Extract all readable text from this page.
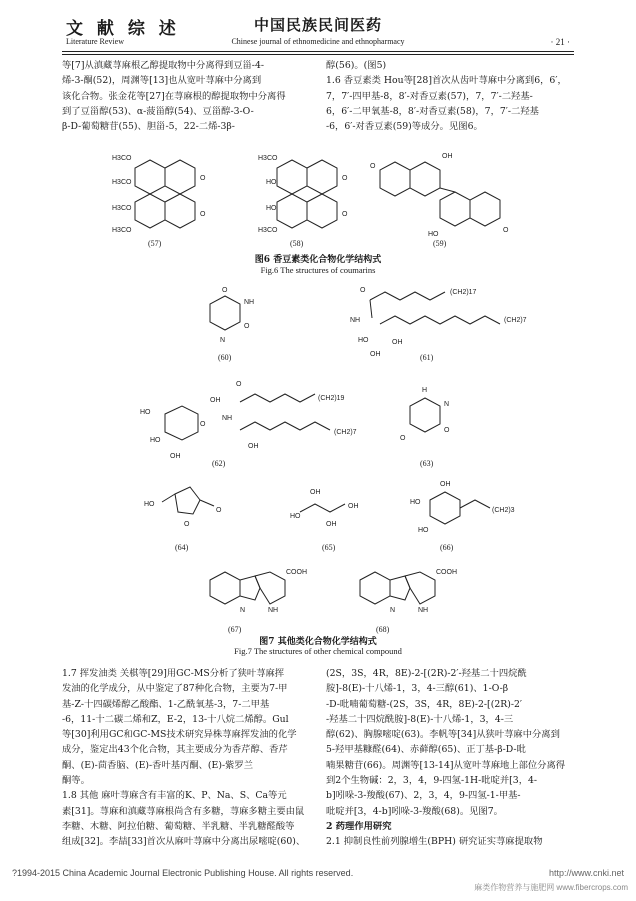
文 献 综 述
Literature Review
中国民族民间医药
Chinese journal of ethnomedicine and ethnopharmacy	· 21 ·

等[7]从滇藏荨麻根乙醇提取物中分离得到豆甾-4-

烯-3-酮(52)，周渊等[13]也从宽叶荨麻中分离到

该化合物。张金花等[27]在荨麻根的醇提取物中分离得

到了豆甾醇(53)、α-菠甾醇(54)、豆甾醇-3-O-

β-D-葡萄糖苷(55)、胆甾-5，22-二烯-3β-

醇(56)。(图5)

1.6 香豆素类 Hou等[28]首次从齿叶荨麻中分离到6，6′，

7，7′-四甲基-8，8′-对香豆素(57)，7，7′-二羟基-

6，6′-二甲氧基-8，8′-对香豆素(58)，7，7′-二羟基

-6，6′-对香豆素(59)等成分。见图6。

H3CO
H3CO
H3CO
H3CO
O
O
(57)
H3CO
HO
HO
H3CO
O
O
(58)
O
OH
HO
O
(59)
图6 香豆素类化合物化学结构式
Fig.6 The structures of coumarins
O
NH
O
N
(60)
O
NH
HO
OH
OH
(CH2)17
(CH2)7
(61)
HO
HO
OH
O
OH
O
NH
OH
(CH2)19
(CH2)7
(62)
H
N
O
O
(63)
HO
O
O
(64)
HO
OH
OH
OH
(65)
HO
HO
OH
(CH2)3
(66)
COOH
N	NH
(67)
COOH
N	NH
(68)
图7 其他类化合物化学结构式
Fig.7 The structures of other chemical compound

1.7 挥发油类 关棋等[29]用GC-MS分析了狭叶荨麻挥

发油的化学成分，从中鉴定了87种化合物，主要为7-甲

基-Z-十四碳烯醇乙酸酯、1-乙酰氧基-3，7-二甲基

-6，11-十二碳二烯和Z，E-2，13-十八烷二烯醇。Gul

等[30]利用GC和GC-MS技术研究异株荨麻挥发油的化学

成分，鉴定出43个化合物，其主要成分为香芹醇、香芹

酮、(E)-茴香脑、(E)-香叶基丙酮、(E)-紫罗兰

酮等。

1.8 其他 麻叶荨麻含有丰富的K、P、Na、S、Ca等元

素[31]。荨麻和滇藏荨麻根尚含有多糖，荨麻多糖主要由鼠

李糖、木糖、阿拉伯糖、葡萄糖、半乳糖、半乳糖醛酸等

组成[32]。李喆[33]首次从麻叶荨麻中分离出尿嘧啶(60)、

(2S，3S，4R，8E)-2-[(2R)-2′-羟基二十四烷酰

胺]-8(E)-十八烯-1，3，4-三醇(61)、1-O-β

-D-吡喃葡萄糖-(2S，3S，4R，8E)-2-[(2R)-2′

-羟基二十四烷酰胺]-8(E)-十八烯-1，3，4-三

醇(62)、胸腺嘧啶(63)。李帆等[34]从狭叶荨麻中分离到

5-羟甲基糠醛(64)、赤藓醇(65)、正丁基-β-D-吡

喃果糖苷(66)。周渊等[13-14]从宽叶荨麻地上部位分离得

到2个生物碱：2，3，4，9-四氢-1H-吡啶并[3，4-

b]吲哚-3-羧酸(67)、2，3，4，9-四氢-1-甲基-

吡啶并[3，4-b]吲哚-3-羧酸(68)。见图7。

2 药理作用研究

2.1 抑制良性前列腺增生(BPH) 研究证实荨麻提取物

?1994-2015 China Academic Journal Electronic Publishing House. All rights reserved.	http://www.cnki.net
麻类作物营养与施肥网 www.fibercrops.com
